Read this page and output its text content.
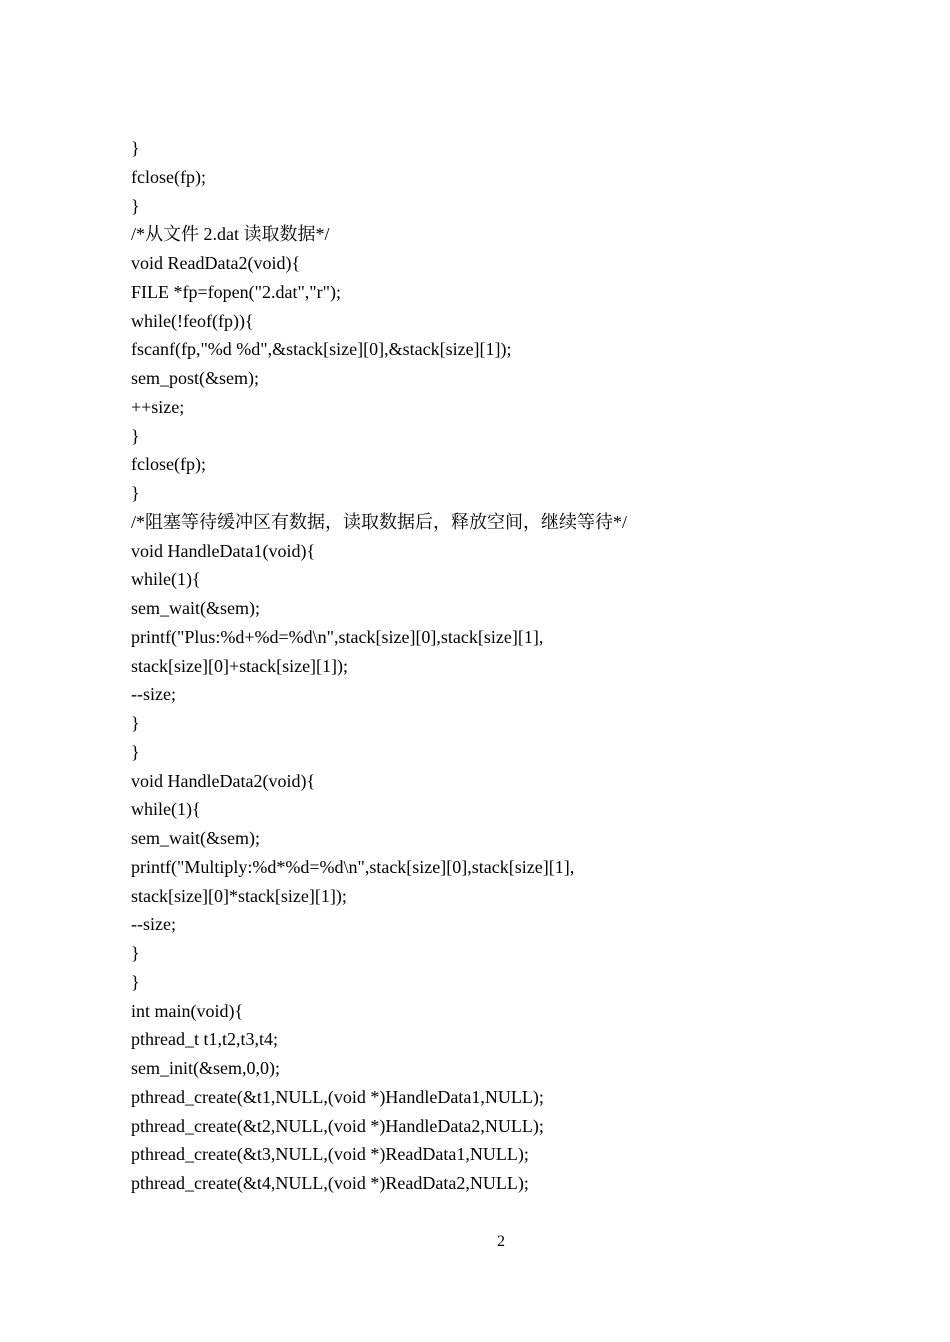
}
fclose(fp);
}
/*从文件 2.dat 读取数据*/
void ReadData2(void){
FILE *fp=fopen("2.dat","r");
while(!feof(fp)){
fscanf(fp,"%d %d",&stack[size][0],&stack[size][1]);
sem_post(&sem);
++size;
}
fclose(fp);
}
/*阻塞等待缓冲区有数据，读取数据后，释放空间，继续等待*/
void HandleData1(void){
while(1){
sem_wait(&sem);
printf("Plus:%d+%d=%d\n",stack[size][0],stack[size][1],
stack[size][0]+stack[size][1]);
--size;
}
}
void HandleData2(void){
while(1){
sem_wait(&sem);
printf("Multiply:%d*%d=%d\n",stack[size][0],stack[size][1],
stack[size][0]*stack[size][1]);
--size;
}
}
int main(void){
pthread_t t1,t2,t3,t4;
sem_init(&sem,0,0);
pthread_create(&t1,NULL,(void *)HandleData1,NULL);
pthread_create(&t2,NULL,(void *)HandleData2,NULL);
pthread_create(&t3,NULL,(void *)ReadData1,NULL);
pthread_create(&t4,NULL,(void *)ReadData2,NULL);
2
